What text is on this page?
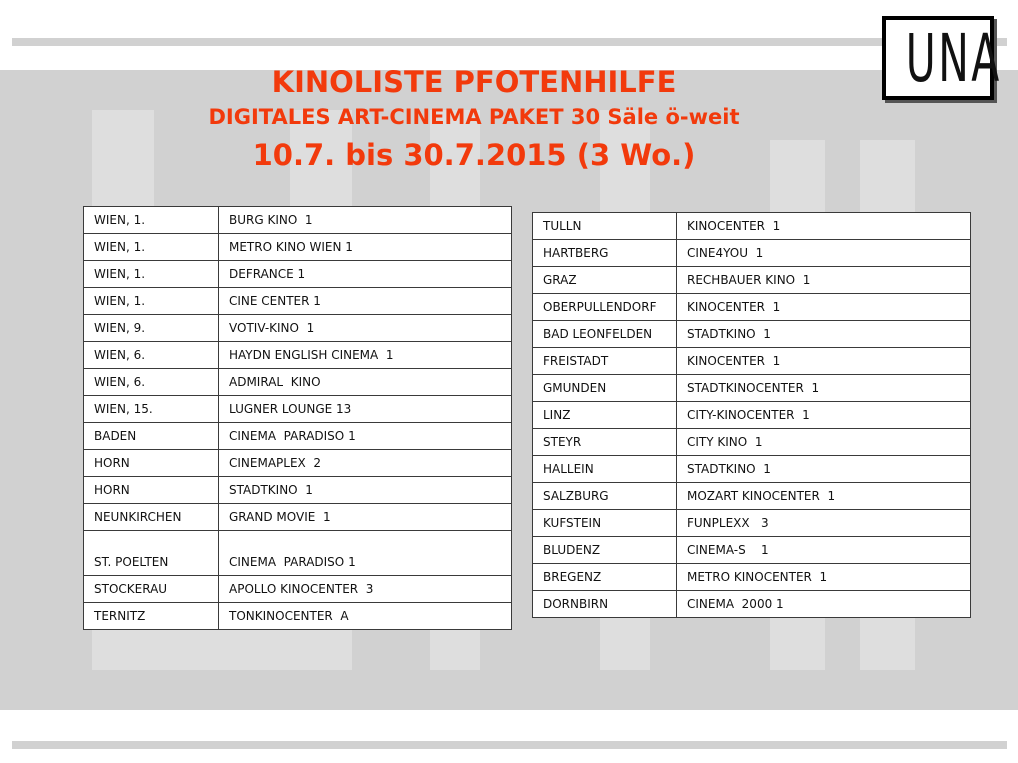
UNA
KINOLISTE PFOTENHILFE
DIGITALES ART-CINEMA PAKET 30 Säle ö-weit
10.7. bis 30.7.2015 (3 Wo.)
WIEN, 1.	BURG KINO  1
WIEN, 1.	METRO KINO WIEN 1
WIEN, 1.	DEFRANCE 1
WIEN, 1.	CINE CENTER 1
WIEN, 9.	VOTIV-KINO  1
WIEN, 6.	HAYDN ENGLISH CINEMA  1
WIEN, 6.	ADMIRAL  KINO
WIEN, 15.	LUGNER LOUNGE 13
BADEN	CINEMA  PARADISO 1
HORN	CINEMAPLEX  2
HORN	STADTKINO  1
NEUNKIRCHEN	GRAND MOVIE  1
ST. POELTEN	CINEMA  PARADISO 1
STOCKERAU	APOLLO KINOCENTER  3
TERNITZ	TONKINOCENTER  A
TULLN	KINOCENTER  1
HARTBERG	CINE4YOU  1
GRAZ	RECHBAUER KINO  1
OBERPULLENDORF	KINOCENTER  1
BAD LEONFELDEN	STADTKINO  1
FREISTADT	KINOCENTER  1
GMUNDEN	STADTKINOCENTER  1
LINZ	CITY-KINOCENTER  1
STEYR	CITY KINO  1
HALLEIN	STADTKINO  1
SALZBURG	MOZART KINOCENTER  1
KUFSTEIN	FUNPLEXX   3
BLUDENZ	CINEMA-S    1
BREGENZ	METRO KINOCENTER  1
DORNBIRN	CINEMA  2000 1
